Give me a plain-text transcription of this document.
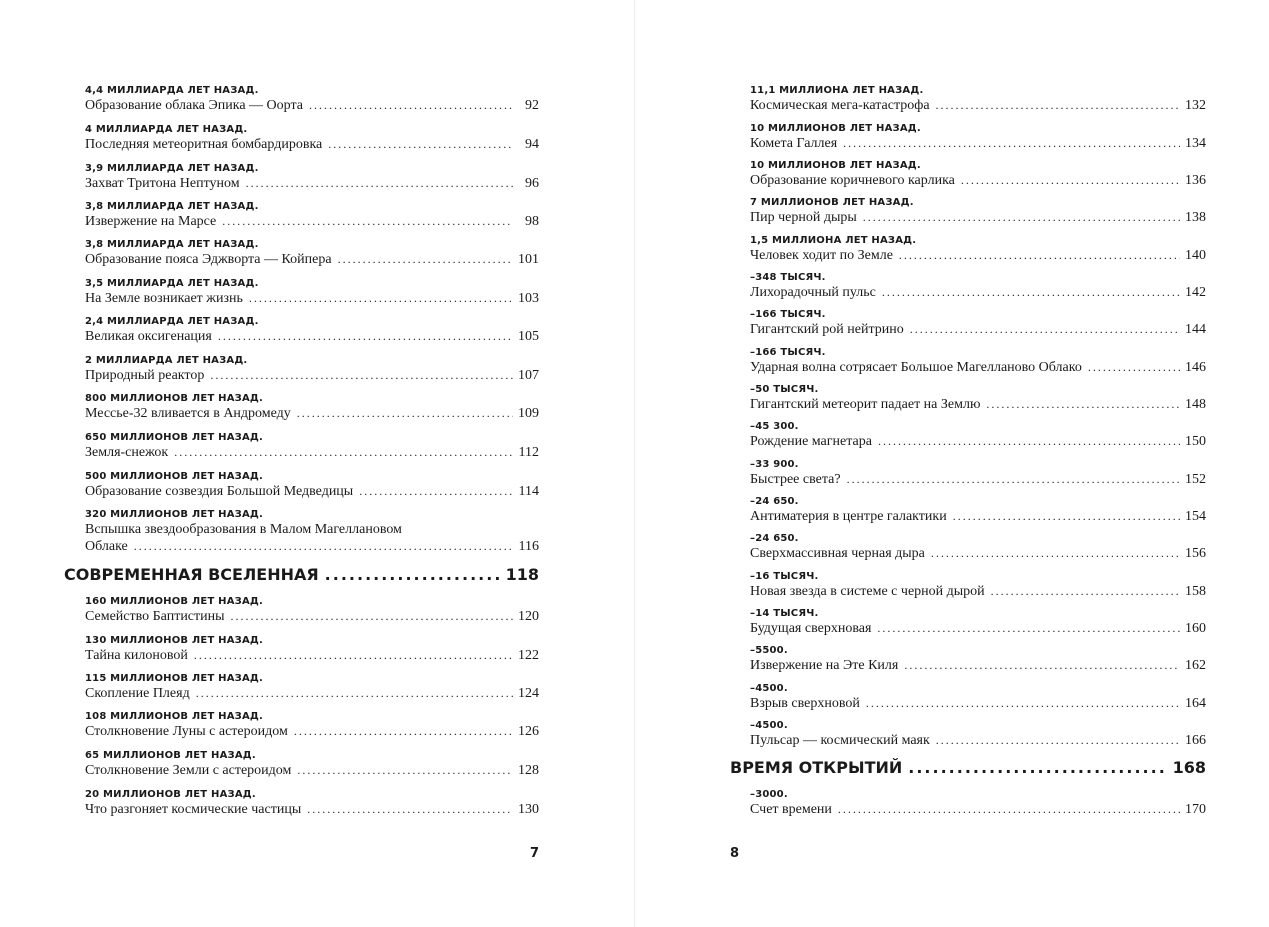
4,4 МИЛЛИАРДА ЛЕТ НАЗАД.
Образование облака Эпика — Оорта .....	92
4 МИЛЛИАРДА ЛЕТ НАЗАД.
Последняя метеоритная бомбардировка .....	94
3,9 МИЛЛИАРДА ЛЕТ НАЗАД.
Захват Тритона Нептуном .....	96
3,8 МИЛЛИАРДА ЛЕТ НАЗАД.
Извержение на Марсе .....	98
3,8 МИЛЛИАРДА ЛЕТ НАЗАД.
Образование пояса Эджворта — Койпера .....	101
3,5 МИЛЛИАРДА ЛЕТ НАЗАД.
На Земле возникает жизнь .....	103
2,4 МИЛЛИАРДА ЛЕТ НАЗАД.
Великая оксигенация .....	105
2 МИЛЛИАРДА ЛЕТ НАЗАД.
Природный реактор .....	107
800 МИЛЛИОНОВ ЛЕТ НАЗАД.
Мессье-32 вливается в Андромеду .....	109
650 МИЛЛИОНОВ ЛЕТ НАЗАД.
Земля-снежок .....	112
500 МИЛЛИОНОВ ЛЕТ НАЗАД.
Образование созвездия Большой Медведицы .....	114
320 МИЛЛИОНОВ ЛЕТ НАЗАД.
Вспышка звездообразования в Малом Магеллановом
Облаке .....	116
СОВРЕМЕННАЯ ВСЕЛЕННАЯ .....	118
160 МИЛЛИОНОВ ЛЕТ НАЗАД.
Семейство Баптистины .....	120
130 МИЛЛИОНОВ ЛЕТ НАЗАД.
Тайна килоновой .....	122
115 МИЛЛИОНОВ ЛЕТ НАЗАД.
Скопление Плеяд .....	124
108 МИЛЛИОНОВ ЛЕТ НАЗАД.
Столкновение Луны с астероидом .....	126
65 МИЛЛИОНОВ ЛЕТ НАЗАД.
Столкновение Земли с астероидом .....	128
20 МИЛЛИОНОВ ЛЕТ НАЗАД.
Что разгоняет космические частицы .....	130
7
11,1 МИЛЛИОНА ЛЕТ НАЗАД.
Космическая мега-катастрофа .....	132
10 МИЛЛИОНОВ ЛЕТ НАЗАД.
Комета Галлея .....	134
10 МИЛЛИОНОВ ЛЕТ НАЗАД.
Образование коричневого карлика .....	136
7 МИЛЛИОНОВ ЛЕТ НАЗАД.
Пир черной дыры .....	138
1,5 МИЛЛИОНА ЛЕТ НАЗАД.
Человек ходит по Земле .....	140
–348 ТЫСЯЧ.
Лихорадочный пульс .....	142
–166 ТЫСЯЧ.
Гигантский рой нейтрино .....	144
–166 ТЫСЯЧ.
Ударная волна сотрясает Большое Магелланово Облако .....	146
–50 ТЫСЯЧ.
Гигантский метеорит падает на Землю .....	148
–45 300.
Рождение магнетара .....	150
–33 900.
Быстрее света? .....	152
–24 650.
Антиматерия в центре галактики .....	154
–24 650.
Сверхмассивная черная дыра .....	156
–16 ТЫСЯЧ.
Новая звезда в системе с черной дырой .....	158
–14 ТЫСЯЧ.
Будущая сверхновая .....	160
–5500.
Извержение на Эте Киля .....	162
–4500.
Взрыв сверхновой .....	164
–4500.
Пульсар — космический маяк .....	166
ВРЕМЯ ОТКРЫТИЙ .....	168
–3000.
Счет времени .....	170
8
